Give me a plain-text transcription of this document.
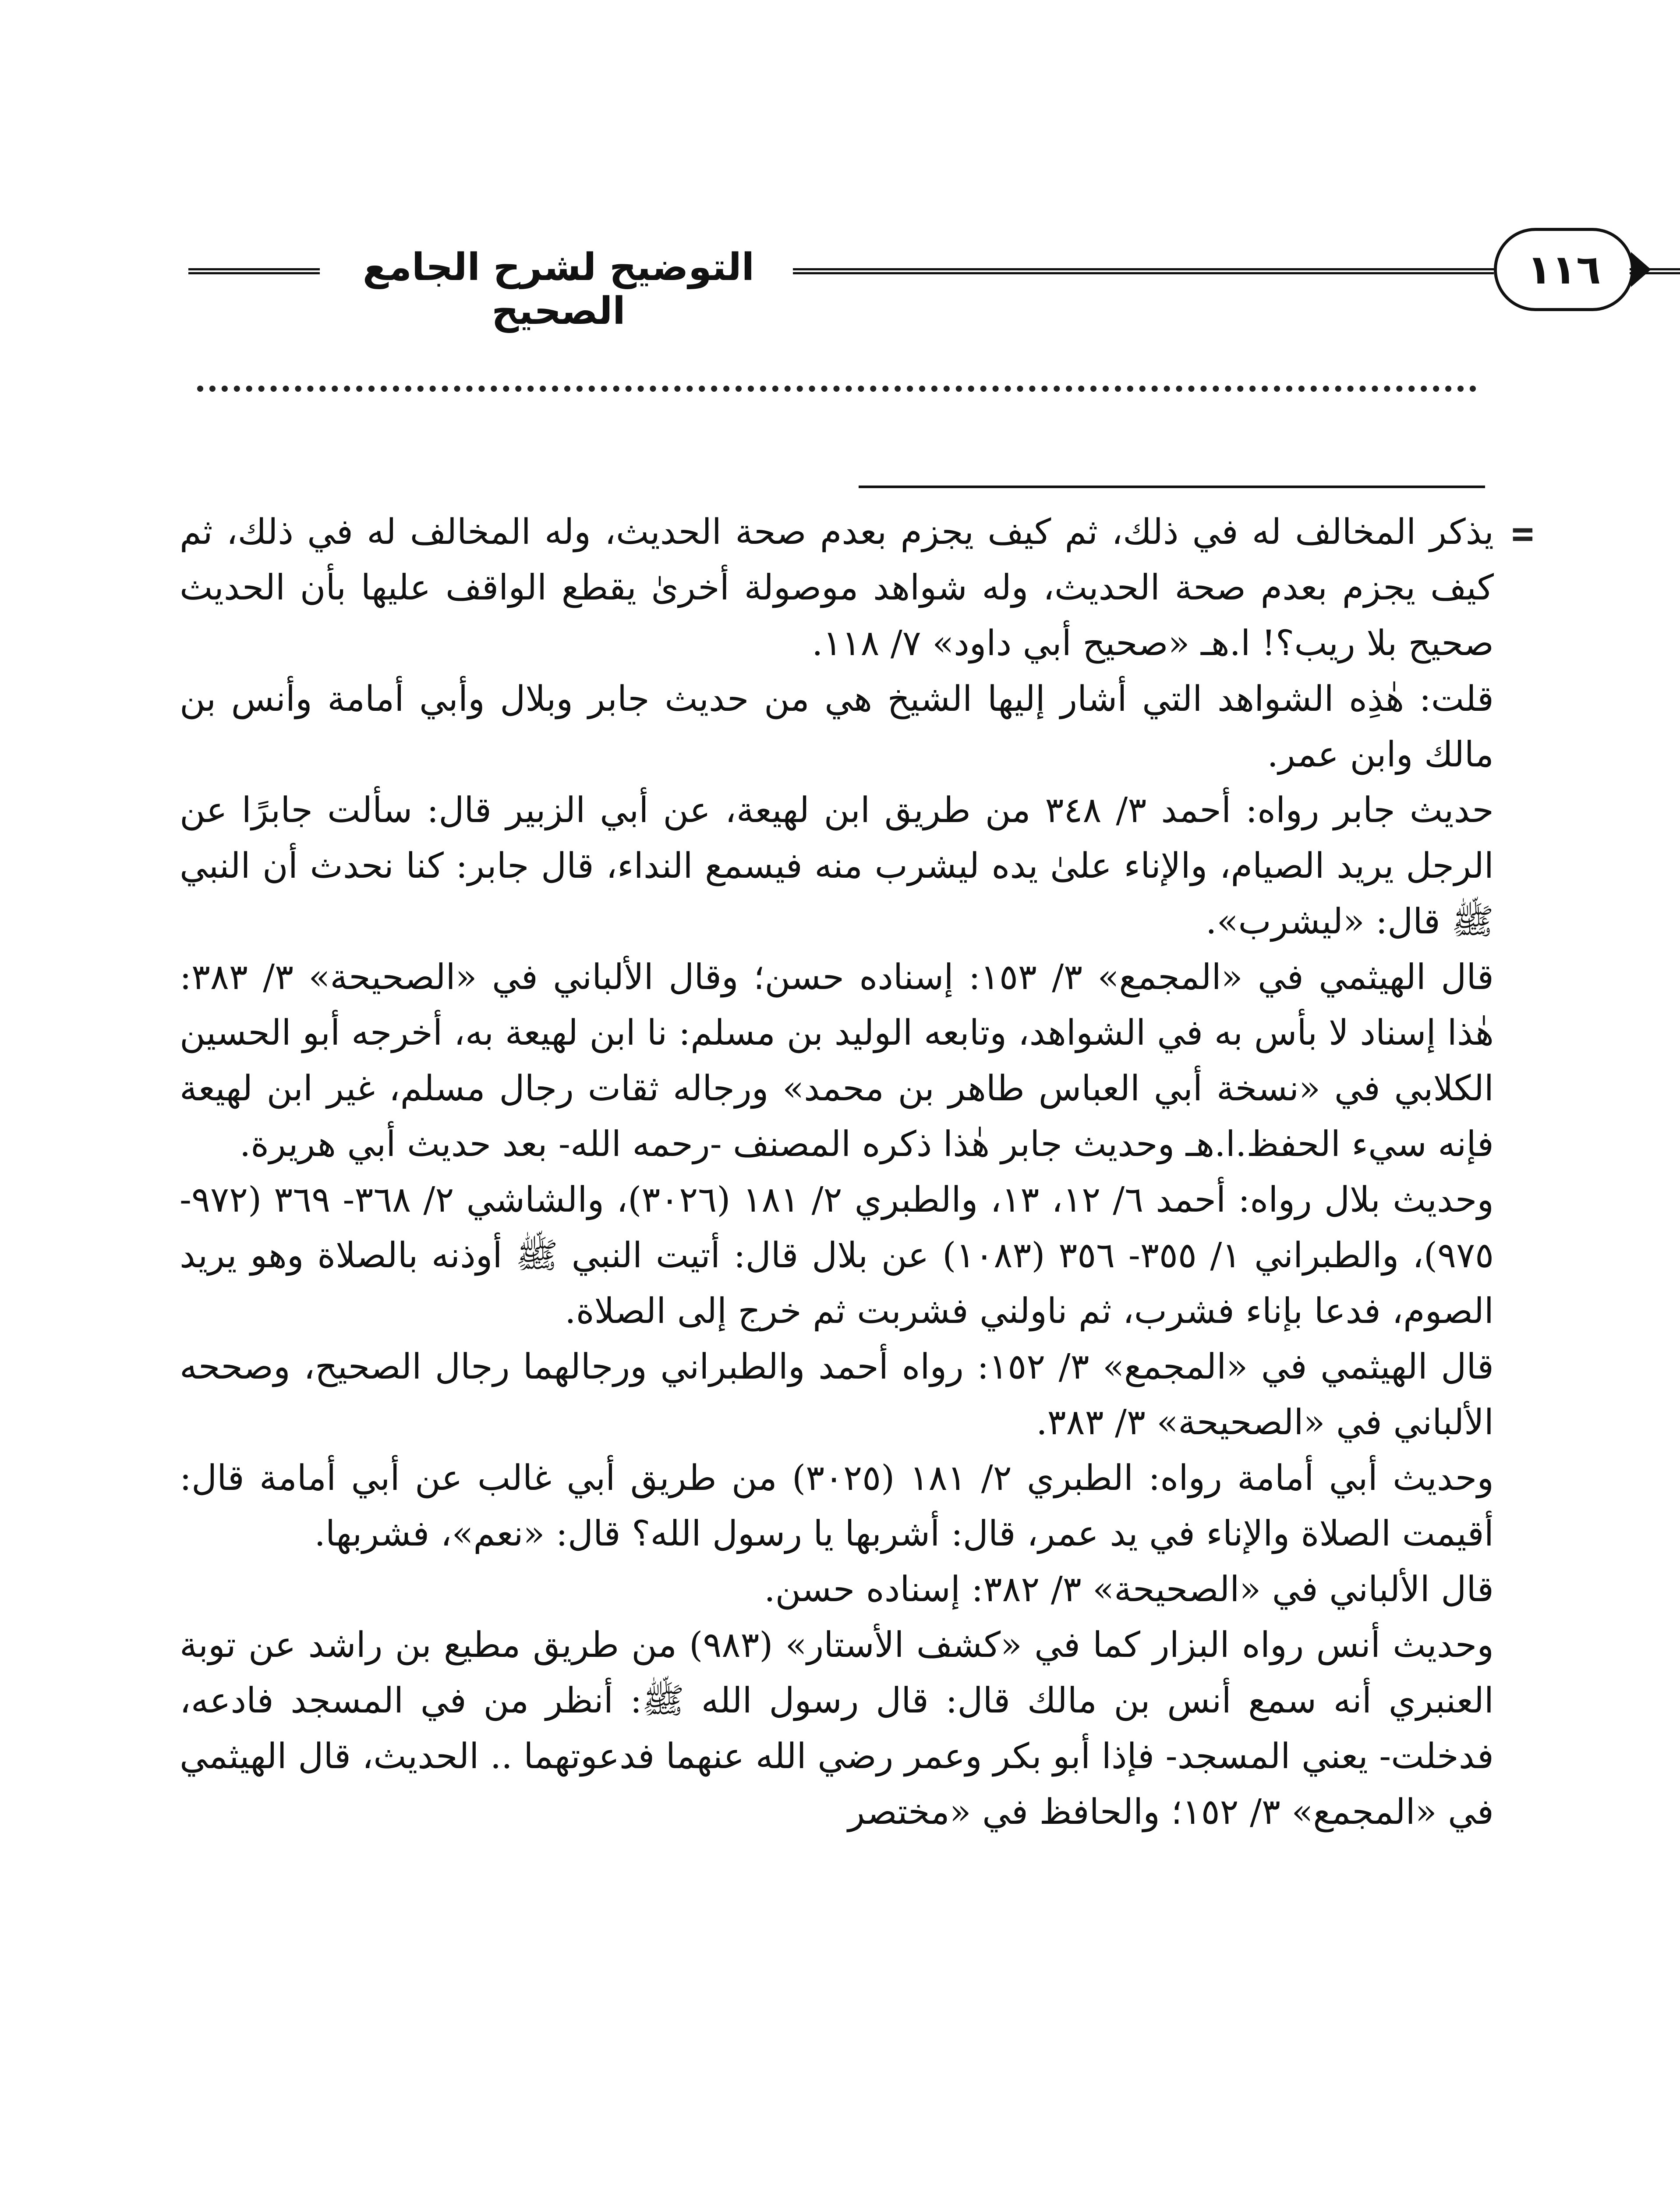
التوضيح لشرح الجامع الصحيح
١١٦
=

يذكر المخالف له في ذلك، ثم كيف يجزم بعدم صحة الحديث، وله المخالف له في ذلك، ثم كيف يجزم بعدم صحة الحديث، وله شواهد موصولة أخرىٰ يقطع الواقف عليها بأن الحديث صحيح بلا ريب؟! ا.هـ «صحيح أبي داود» ٧/ ١١٨.

قلت: هٰذِه الشواهد التي أشار إليها الشيخ هي من حديث جابر وبلال وأبي أمامة وأنس بن مالك وابن عمر.

حديث جابر رواه: أحمد ٣/ ٣٤٨ من طريق ابن لهيعة، عن أبي الزبير قال: سألت جابرًا عن الرجل يريد الصيام، والإناء علىٰ يده ليشرب منه فيسمع النداء، قال جابر: كنا نحدث أن النبي ﷺ قال: «ليشرب».

قال الهيثمي في «المجمع» ٣/ ١٥٣: إسناده حسن؛ وقال الألباني في «الصحيحة» ٣/ ٣٨٣: هٰذا إسناد لا بأس به في الشواهد، وتابعه الوليد بن مسلم: نا ابن لهيعة به، أخرجه أبو الحسين الكلابي في «نسخة أبي العباس طاهر بن محمد» ورجاله ثقات رجال مسلم، غير ابن لهيعة فإنه سيء الحفظ.ا.هـ وحديث جابر هٰذا ذكره المصنف -رحمه الله- بعد حديث أبي هريرة.

وحديث بلال رواه: أحمد ٦/ ١٢، ١٣، والطبري ٢/ ١٨١ (٣٠٢٦)، والشاشي ٢/ ٣٦٨- ٣٦٩ (٩٧٢- ٩٧٥)، والطبراني ١/ ٣٥٥- ٣٥٦ (١٠٨٣) عن بلال قال: أتيت النبي ﷺ أوذنه بالصلاة وهو يريد الصوم، فدعا بإناء فشرب، ثم ناولني فشربت ثم خرج إلى الصلاة.

قال الهيثمي في «المجمع» ٣/ ١٥٢: رواه أحمد والطبراني ورجالهما رجال الصحيح، وصححه الألباني في «الصحيحة» ٣/ ٣٨٣.

وحديث أبي أمامة رواه: الطبري ٢/ ١٨١ (٣٠٢٥) من طريق أبي غالب عن أبي أمامة قال: أقيمت الصلاة والإناء في يد عمر، قال: أشربها يا رسول الله؟ قال: «نعم»، فشربها.

قال الألباني في «الصحيحة» ٣/ ٣٨٢: إسناده حسن.

وحديث أنس رواه البزار كما في «كشف الأستار» (٩٨٣) من طريق مطيع بن راشد عن توبة العنبري أنه سمع أنس بن مالك قال: قال رسول الله ﷺ: أنظر من في المسجد فادعه، فدخلت- يعني المسجد- فإذا أبو بكر وعمر رضي الله عنهما فدعوتهما .. الحديث، قال الهيثمي في «المجمع» ٣/ ١٥٢؛ والحافظ في «مختصر
